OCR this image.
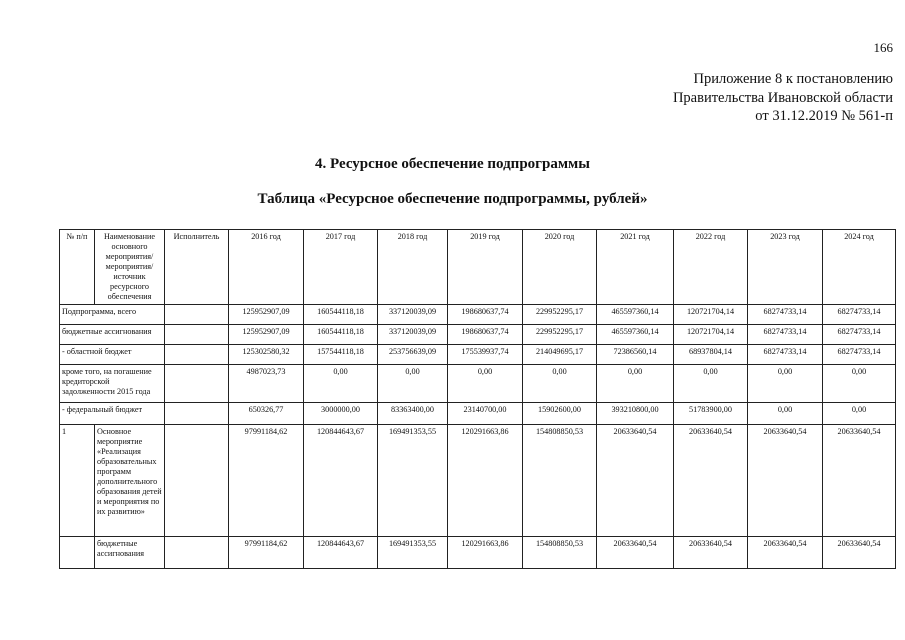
166
Приложение 8 к постановлению
Правительства Ивановской области
от 31.12.2019 № 561-п
4. Ресурсное обеспечение подпрограммы
Таблица «Ресурсное обеспечение подпрограммы, рублей»
№ п/п	Наименование основного мероприятия/мероприятия/источник ресурсного обеспечения	Исполнитель	2016 год	2017 год	2018 год	2019 год	2020 год	2021 год	2022 год	2023 год	2024 год
Подпрограмма, всего			125952907,09	160544118,18	337120039,09	198680637,74	229952295,17	465597360,14	120721704,14	68274733,14	68274733,14
бюджетные ассигнования			125952907,09	160544118,18	337120039,09	198680637,74	229952295,17	465597360,14	120721704,14	68274733,14	68274733,14
- областной бюджет			125302580,32	157544118,18	253756639,09	175539937,74	214049695,17	72386560,14	68937804,14	68274733,14	68274733,14
кроме того, на погашение кредиторской задолженности 2015 года			4987023,73	0,00	0,00	0,00	0,00	0,00	0,00	0,00	0,00
- федеральный бюджет			650326,77	3000000,00	83363400,00	23140700,00	15902600,00	393210800,00	51783900,00	0,00	0,00
1	Основное мероприятие «Реализация образовательных программ дополнительного образования детей и мероприятия по их развитию»		97991184,62	120844643,67	169491353,55	120291663,86	154808850,53	20633640,54	20633640,54	20633640,54	20633640,54
	бюджетные ассигнования		97991184,62	120844643,67	169491353,55	120291663,86	154808850,53	20633640,54	20633640,54	20633640,54	20633640,54
